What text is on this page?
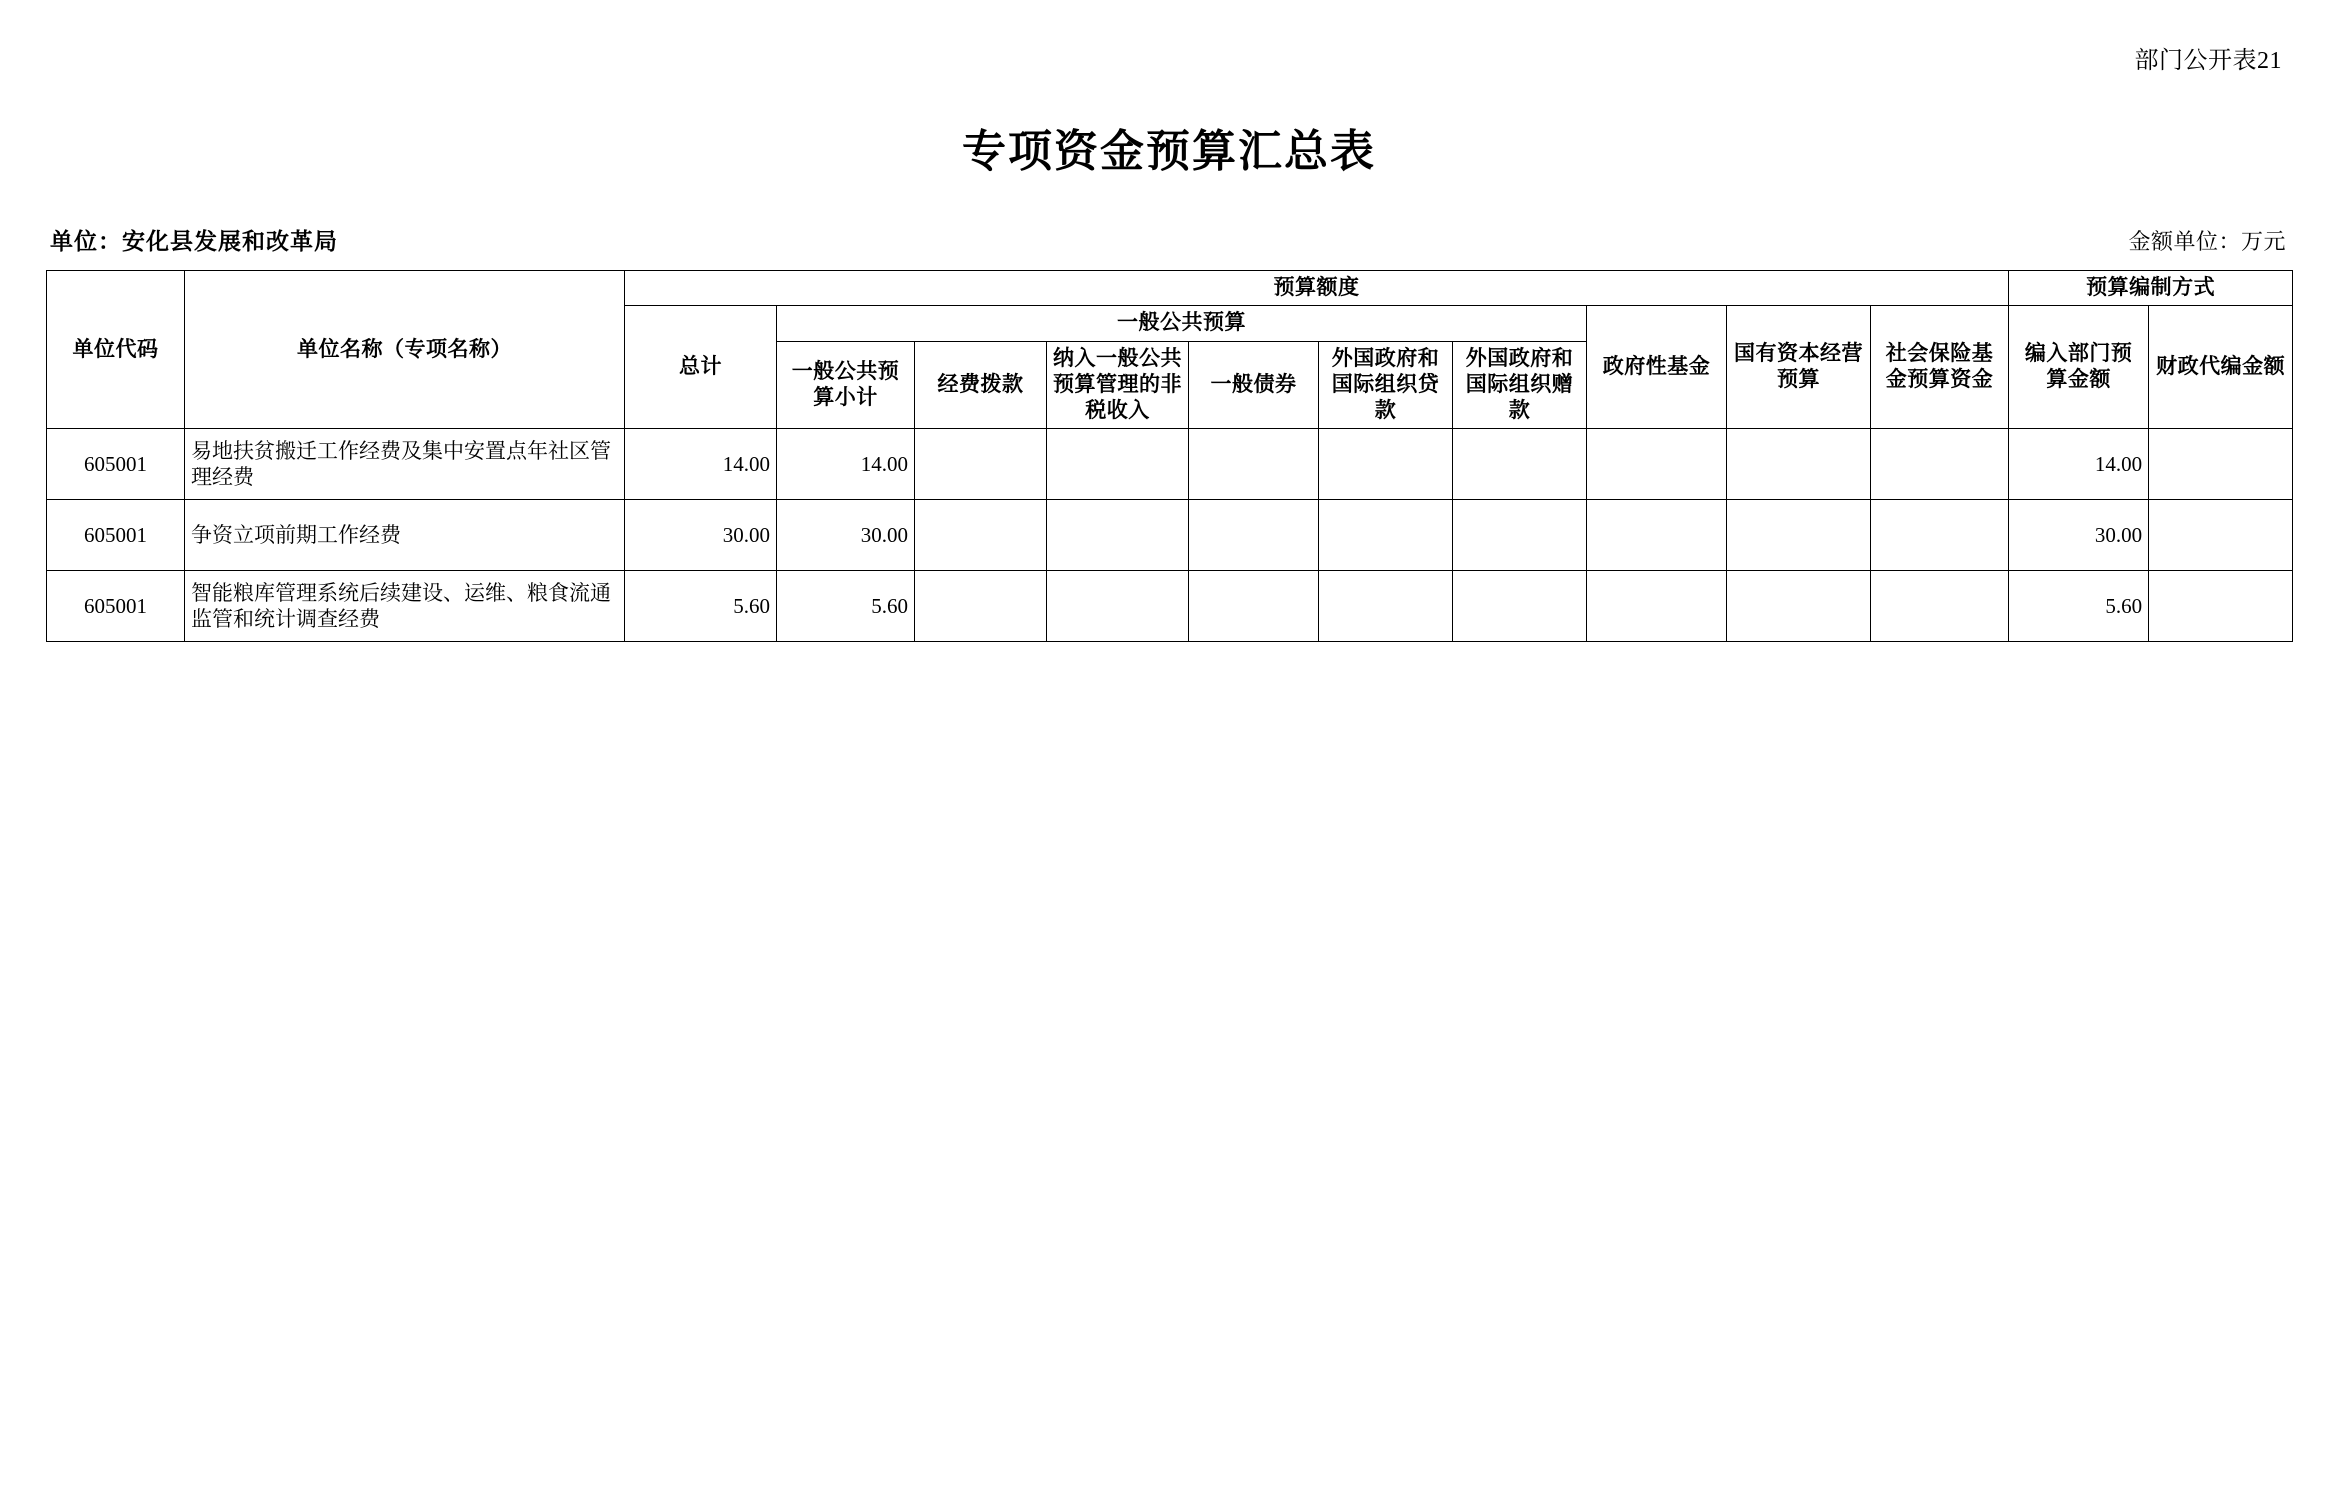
部门公开表21
专项资金预算汇总表
单位：安化县发展和改革局	金额单位：万元
单位代码	单位名称（专项名称）	预算额度										预算编制方式	
		总计	一般公共预算						政府性基金	国有资本经营预算	社会保险基金预算资金	编入部门预算金额	财政代编金额
			一般公共预算小计	经费拨款	纳入一般公共预算管理的非税收入	一般债券	外国政府和国际组织贷款	外国政府和国际组织赠款					
605001	易地扶贫搬迁工作经费及集中安置点年社区管理经费	14.00	14.00									14.00	
605001	争资立项前期工作经费	30.00	30.00									30.00	
605001	智能粮库管理系统后续建设、运维、粮食流通监管和统计调查经费	5.60	5.60									5.60	
